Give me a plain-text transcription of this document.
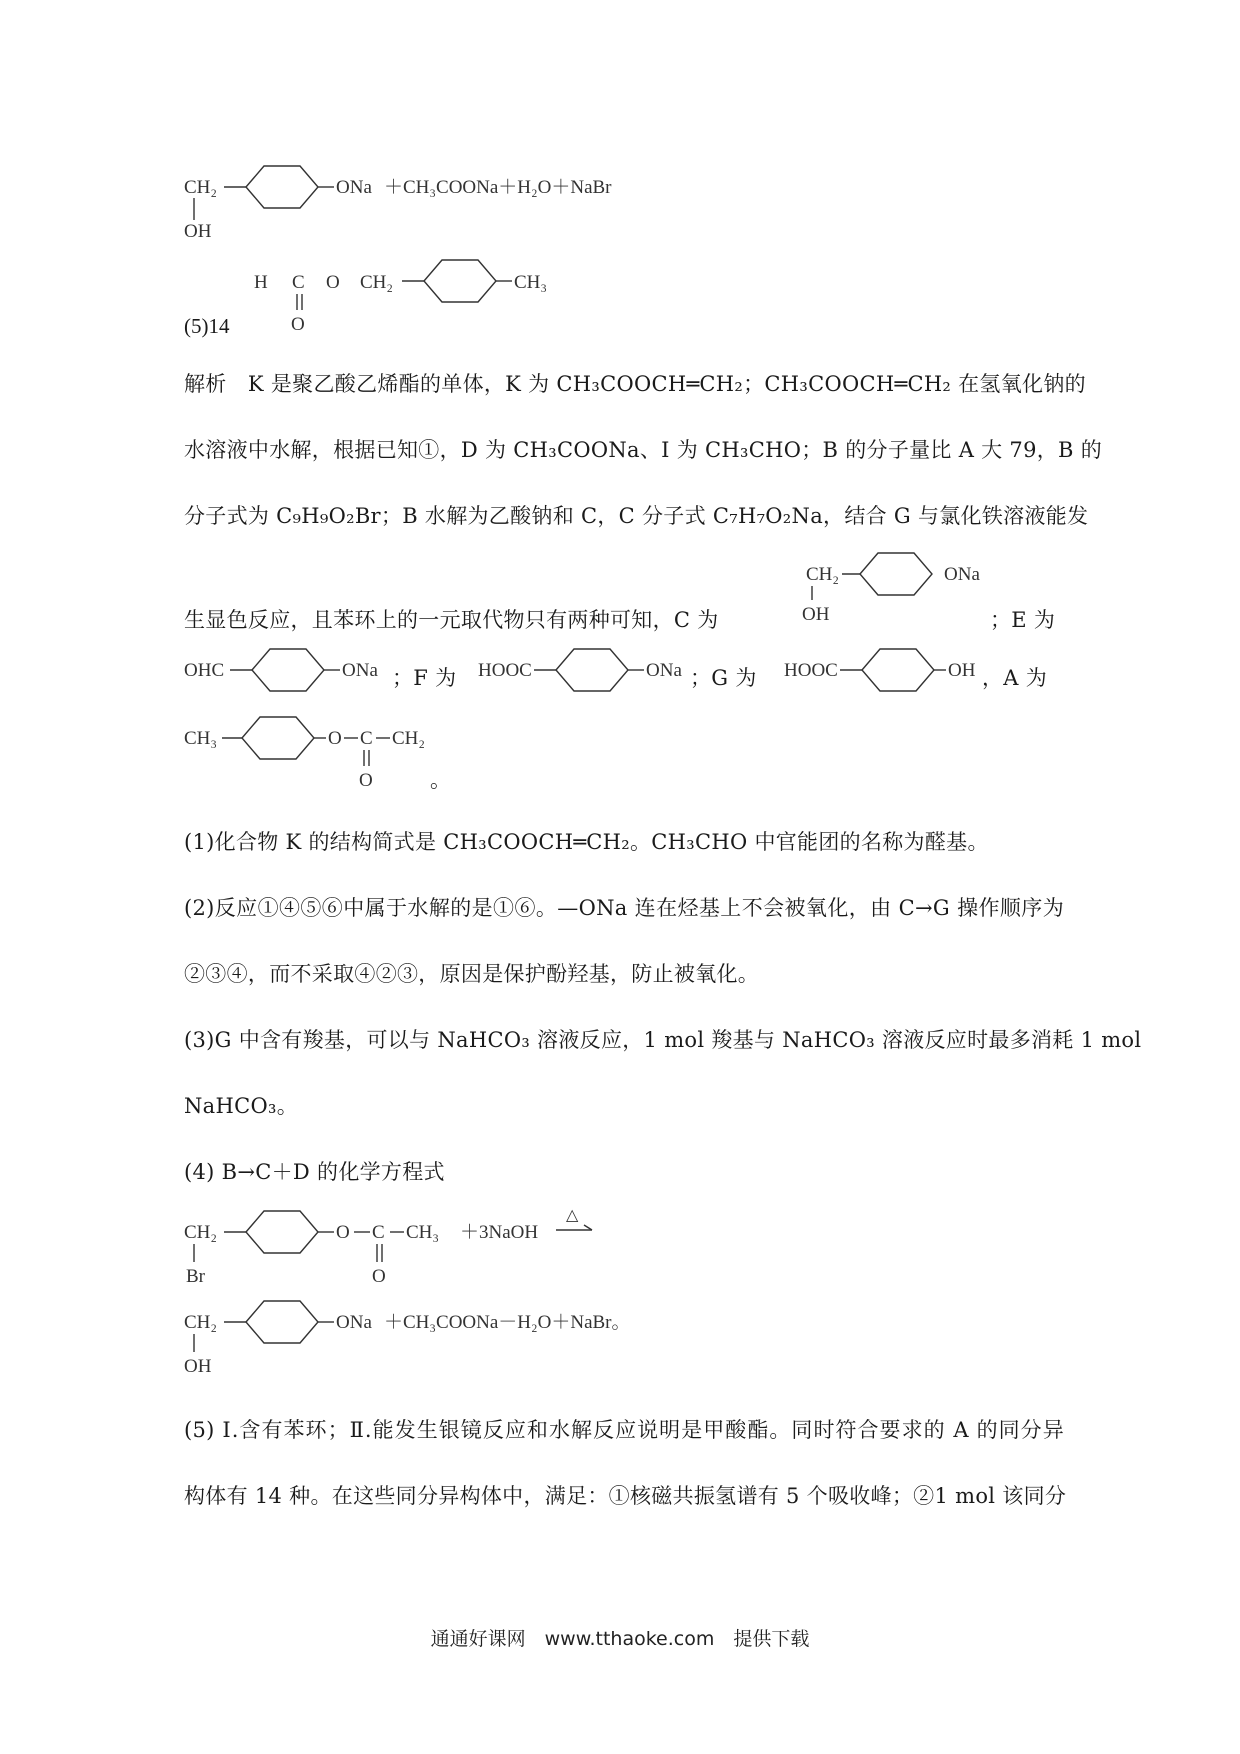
CH₂
OH
ONa ＋CH₃COONa＋H₂O＋NaBr
(5)14
H C
O
O CH₂	CH₃
CH₂
OH
ONa
OHC	ONa	HOOC	ONa	HOOC	OH
CH₃	O C
O
CH₂
CH₂
Br
O C
O
CH₃ ＋3NaOH
△
CH₂
OH
ONa ＋CH₃COONa－H₂O＋NaBr。
解析　K 是聚乙酸乙烯酯的单体，K 为 CH₃COOCH═CH₂；CH₃COOCH═CH₂ 在氢氧化钠的
水溶液中水解，根据已知①，D 为 CH₃COONa、I 为 CH₃CHO；B 的分子量比 A 大 79，B 的
分子式为 C₉H₉O₂Br；B 水解为乙酸钠和 C，C 分子式 C₇H₇O₂Na，结合 G 与氯化铁溶液能发
生显色反应，且苯环上的一元取代物只有两种可知，C 为	；E 为
；F 为	；G 为	，A 为
。
(1)化合物 K 的结构简式是 CH₃COOCH═CH₂。CH₃CHO 中官能团的名称为醛基。
(2)反应①④⑤⑥中属于水解的是①⑥。—ONa 连在烃基上不会被氧化，由 C→G 操作顺序为
②③④，而不采取④②③，原因是保护酚羟基，防止被氧化。
(3)G 中含有羧基，可以与 NaHCO₃ 溶液反应，1 mol 羧基与 NaHCO₃ 溶液反应时最多消耗 1 mol
NaHCO₃。
(4) B→C＋D 的化学方程式
(5) Ⅰ.含有苯环；Ⅱ.能发生银镜反应和水解反应说明是甲酸酯。同时符合要求的 A 的同分异
构体有 14 种。在这些同分异构体中，满足：①核磁共振氢谱有 5 个吸收峰；②1 mol 该同分
通通好课网　www.tthaoke.com　提供下载
